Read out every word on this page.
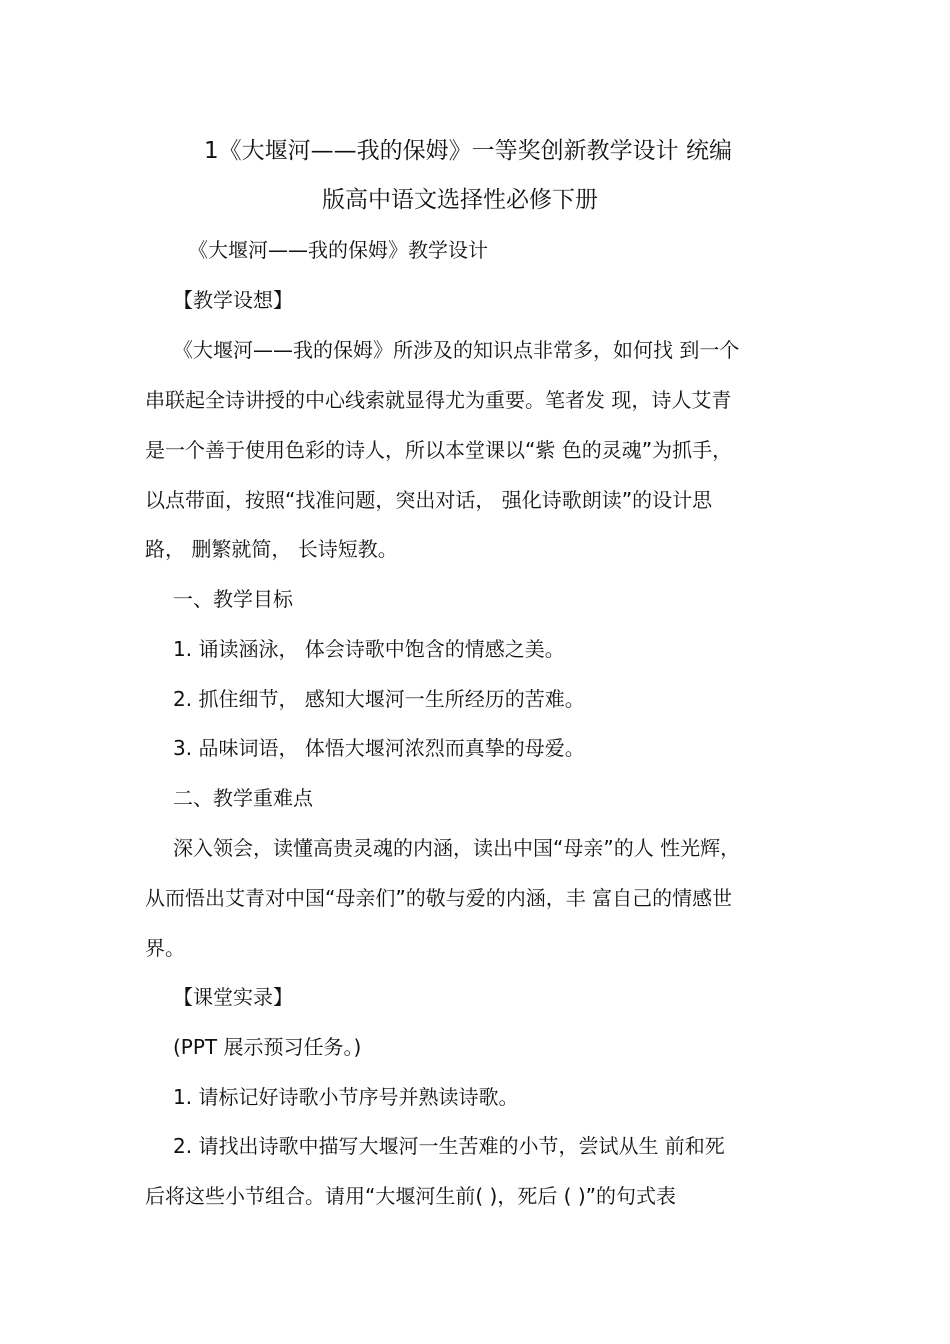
1《大堰河——我的保姆》一等奖创新教学设计 统编
版高中语文选择性必修下册
《大堰河——我的保姆》教学设计
【教学设想】
《大堰河——我的保姆》所涉及的知识点非常多，如何找 到一个
串联起全诗讲授的中心线索就显得尤为重要。笔者发 现，诗人艾青
是一个善于使用色彩的诗人，所以本堂课以“紫 色的灵魂”为抓手，
以点带面，按照“找准问题，突出对话， 强化诗歌朗读”的设计思
路， 删繁就简， 长诗短教。
一、教学目标
1. 诵读涵泳， 体会诗歌中饱含的情感之美。
2. 抓住细节， 感知大堰河一生所经历的苦难。
3. 品味词语， 体悟大堰河浓烈而真挚的母爱。
二、教学重难点
深入领会，读懂高贵灵魂的内涵，读出中国“母亲”的人 性光辉，
从而悟出艾青对中国“母亲们”的敬与爱的内涵，丰 富自己的情感世
界。
【课堂实录】
(PPT 展示预习任务。)
1. 请标记好诗歌小节序号并熟读诗歌。
2. 请找出诗歌中描写大堰河一生苦难的小节，尝试从生 前和死
后将这些小节组合。请用“大堰河生前( )，死后 ( )”的句式表
